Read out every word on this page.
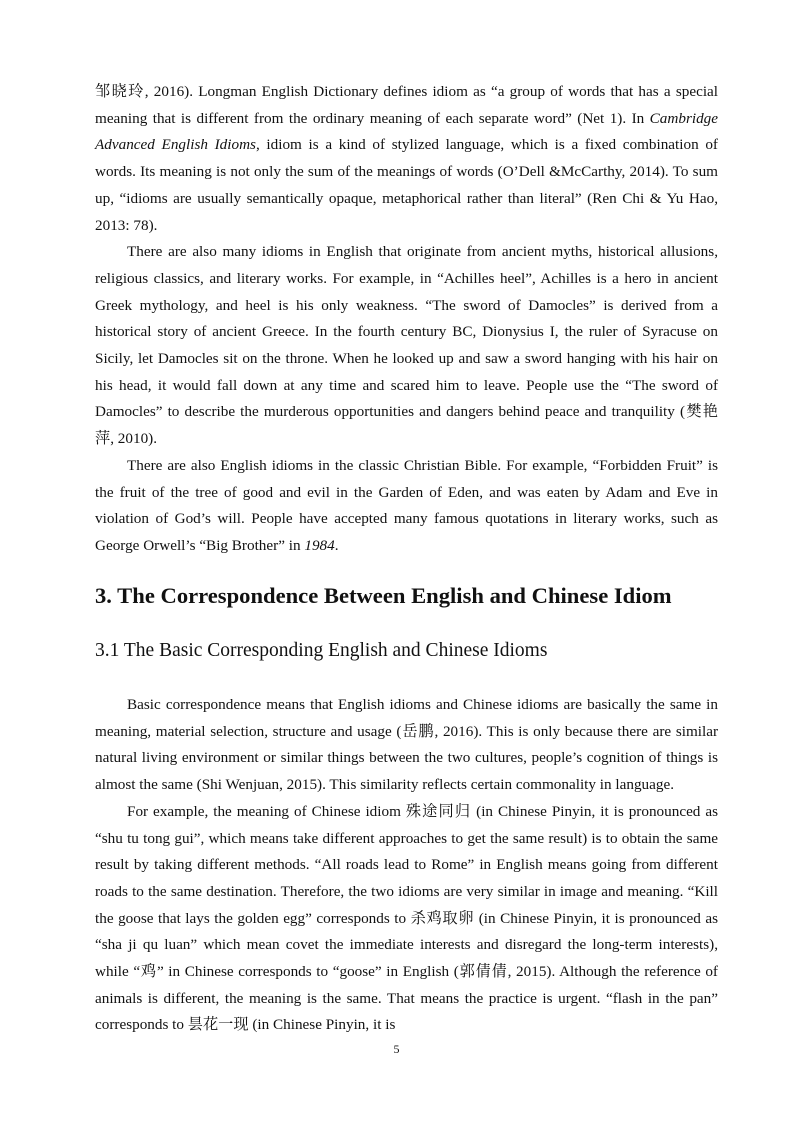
邹晓玲, 2016). Longman English Dictionary defines idiom as “a group of words that has a special meaning that is different from the ordinary meaning of each separate word” (Net 1). In Cambridge Advanced English Idioms, idiom is a kind of stylized language, which is a fixed combination of words. Its meaning is not only the sum of the meanings of words (O’Dell &McCarthy, 2014). To sum up, “idioms are usually semantically opaque, metaphorical rather than literal” (Ren Chi & Yu Hao, 2013: 78).

There are also many idioms in English that originate from ancient myths, historical allusions, religious classics, and literary works. For example, in “Achilles heel”, Achilles is a hero in ancient Greek mythology, and heel is his only weakness. “The sword of Damocles” is derived from a historical story of ancient Greece. In the fourth century BC, Dionysius I, the ruler of Syracuse on Sicily, let Damocles sit on the throne. When he looked up and saw a sword hanging with his hair on his head, it would fall down at any time and scared him to leave. People use the “The sword of Damocles” to describe the murderous opportunities and dangers behind peace and tranquility (樊艳萍, 2010).

There are also English idioms in the classic Christian Bible. For example, “Forbidden Fruit” is the fruit of the tree of good and evil in the Garden of Eden, and was eaten by Adam and Eve in violation of God’s will. People have accepted many famous quotations in literary works, such as George Orwell’s “Big Brother” in 1984.

3. The Correspondence Between English and Chinese Idiom
3.1 The Basic Corresponding English and Chinese Idioms

Basic correspondence means that English idioms and Chinese idioms are basically the same in meaning, material selection, structure and usage (岳鹏, 2016). This is only because there are similar natural living environment or similar things between the two cultures, people’s cognition of things is almost the same (Shi Wenjuan, 2015). This similarity reflects certain commonality in language.

For example, the meaning of Chinese idiom 殊途同归 (in Chinese Pinyin, it is pronounced as “shu tu tong gui”, which means take different approaches to get the same result) is to obtain the same result by taking different methods. “All roads lead to Rome” in English means going from different roads to the same destination. Therefore, the two idioms are very similar in image and meaning. “Kill the goose that lays the golden egg” corresponds to 杀鸡取卵 (in Chinese Pinyin, it is pronounced as “sha ji qu luan” which mean covet the immediate interests and disregard the long-term interests), while “鸡” in Chinese corresponds to “goose” in English (郭倩倩, 2015). Although the reference of animals is different, the meaning is the same. That means the practice is urgent. “flash in the pan” corresponds to 昙花一现 (in Chinese Pinyin, it is

5
